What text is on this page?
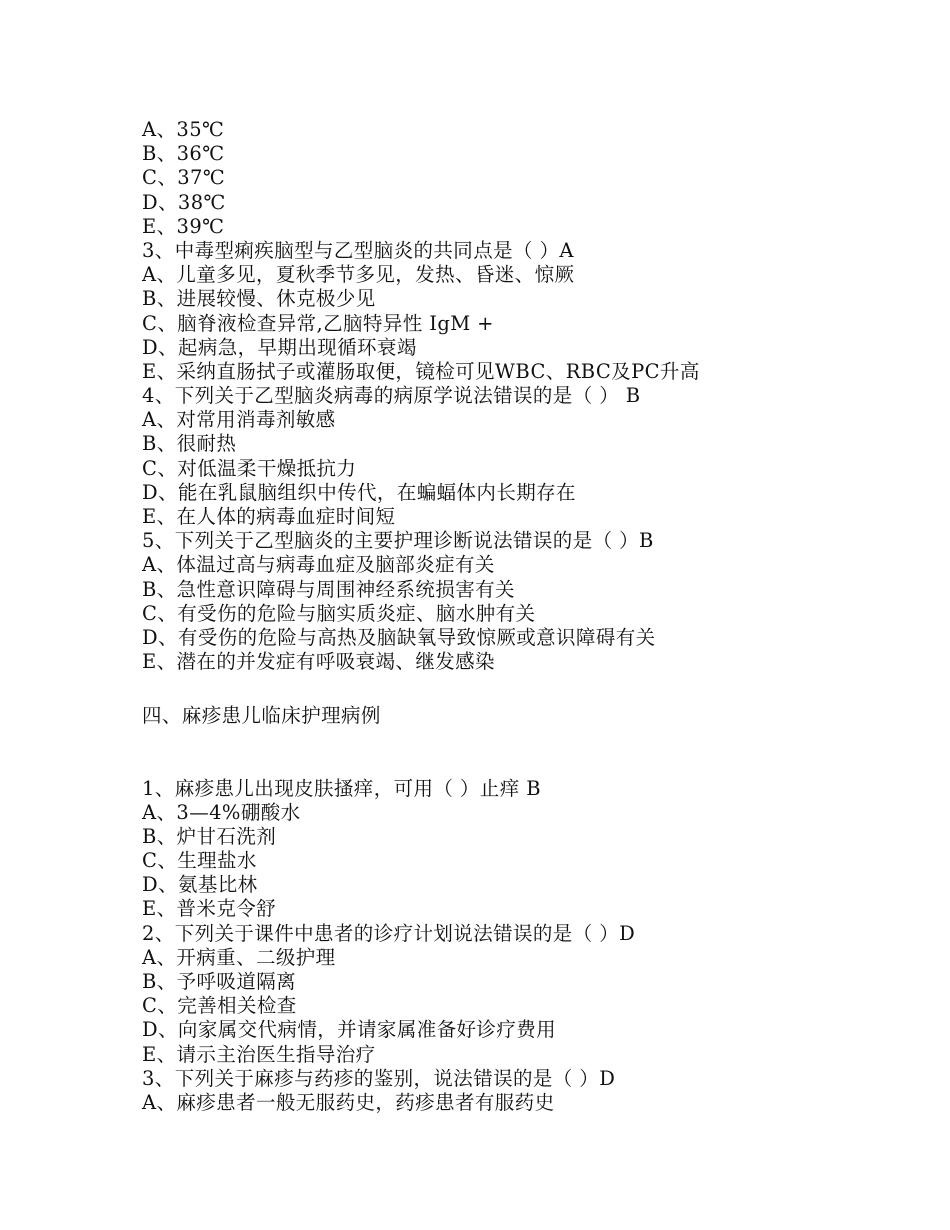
A、35℃
B、36℃
C、37℃
D、38℃
E、39℃
3、中毒型痢疾脑型与乙型脑炎的共同点是（ ）A
A、儿童多见，夏秋季节多见，发热、昏迷、惊厥
B、进展较慢、休克极少见
C、脑脊液检查异常,乙脑特异性 IgM +
D、起病急，早期出现循环衰竭
E、采纳直肠拭子或灌肠取便，镜检可见WBC、RBC及PC升高
4、下列关于乙型脑炎病毒的病原学说法错误的是（ ） B
A、对常用消毒剂敏感
B、很耐热
C、对低温柔干燥抵抗力
D、能在乳鼠脑组织中传代，在蝙蝠体内长期存在
E、在人体的病毒血症时间短
5、下列关于乙型脑炎的主要护理诊断说法错误的是（ ）B
A、体温过高与病毒血症及脑部炎症有关
B、急性意识障碍与周围神经系统损害有关
C、有受伤的危险与脑实质炎症、脑水肿有关
D、有受伤的危险与高热及脑缺氧导致惊厥或意识障碍有关
E、潜在的并发症有呼吸衰竭、继发感染
四、麻疹患儿临床护理病例
1、麻疹患儿出现皮肤搔痒，可用（ ）止痒 B
A、3—4%硼酸水
B、炉甘石洗剂
C、生理盐水
D、氨基比林
E、普米克令舒
2、下列关于课件中患者的诊疗计划说法错误的是（ ）D
A、开病重、二级护理
B、予呼吸道隔离
C、完善相关检查
D、向家属交代病情，并请家属准备好诊疗费用
E、请示主治医生指导治疗
3、下列关于麻疹与药疹的鉴别，说法错误的是（ ）D
A、麻疹患者一般无服药史，药疹患者有服药史
